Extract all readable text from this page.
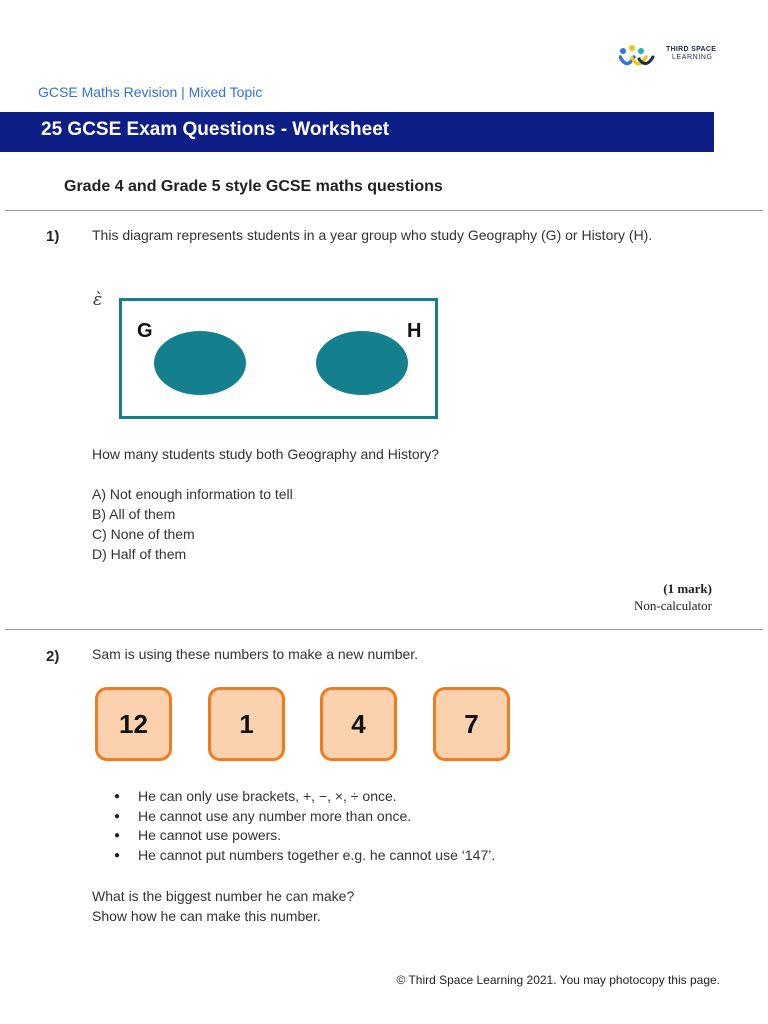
THIRD SPACE
LEARNING
GCSE Maths Revision | Mixed Topic
25 GCSE Exam Questions - Worksheet
Grade 4 and Grade 5 style GCSE maths questions
1) This diagram represents students in a year group who study Geography (G) or History (H).
ὲ
G	H
How many students study both Geography and History?
A) Not enough information to tell
B) All of them
C) None of them
D) Half of them
(1 mark)
Non-calculator
2) Sam is using these numbers to make a new number.
12	1	4	7
● He can only use brackets, +, −, ×, ÷ once.
● He cannot use any number more than once.
● He cannot use powers.
● He cannot put numbers together e.g. he cannot use ‘147’.
What is the biggest number he can make?
Show how he can make this number.
© Third Space Learning 2021. You may photocopy this page.
